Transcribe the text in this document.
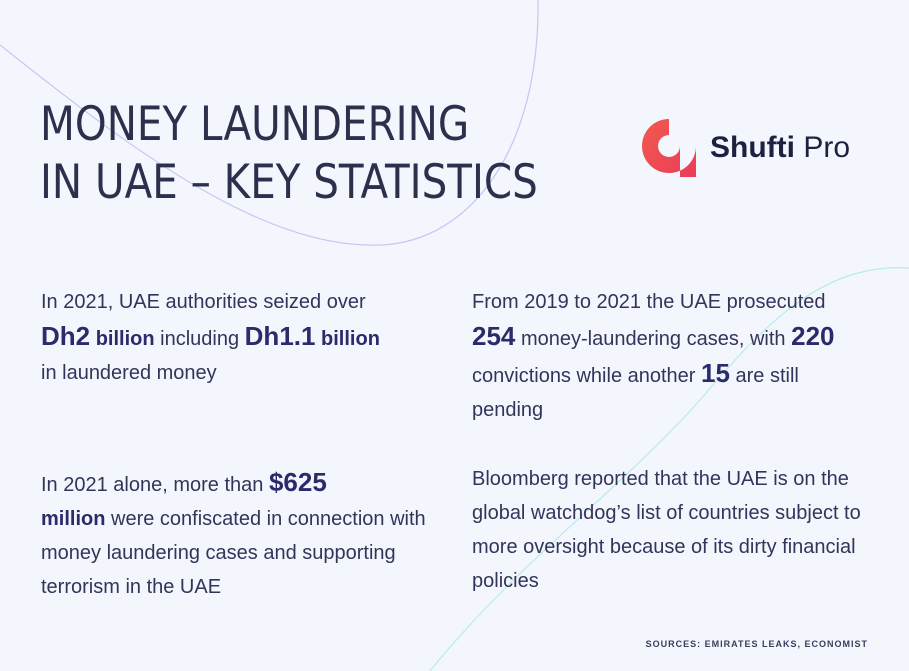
MONEY LAUNDERING
IN UAE – KEY STATISTICS
Shufti Pro
In 2021, UAE authorities seized over
Dh2 billion including Dh1.1 billion
in laundered money
From 2019 to 2021 the UAE prosecuted 254 money-laundering cases, with 220 convictions while another 15 are still pending
In 2021 alone, more than $625
million were confiscated in connection with money laundering cases and supporting terrorism in the UAE
Bloomberg reported that the UAE is on the global watchdog’s list of countries subject to more oversight because of its dirty financial policies
SOURCES: EMIRATES LEAKS, ECONOMIST
